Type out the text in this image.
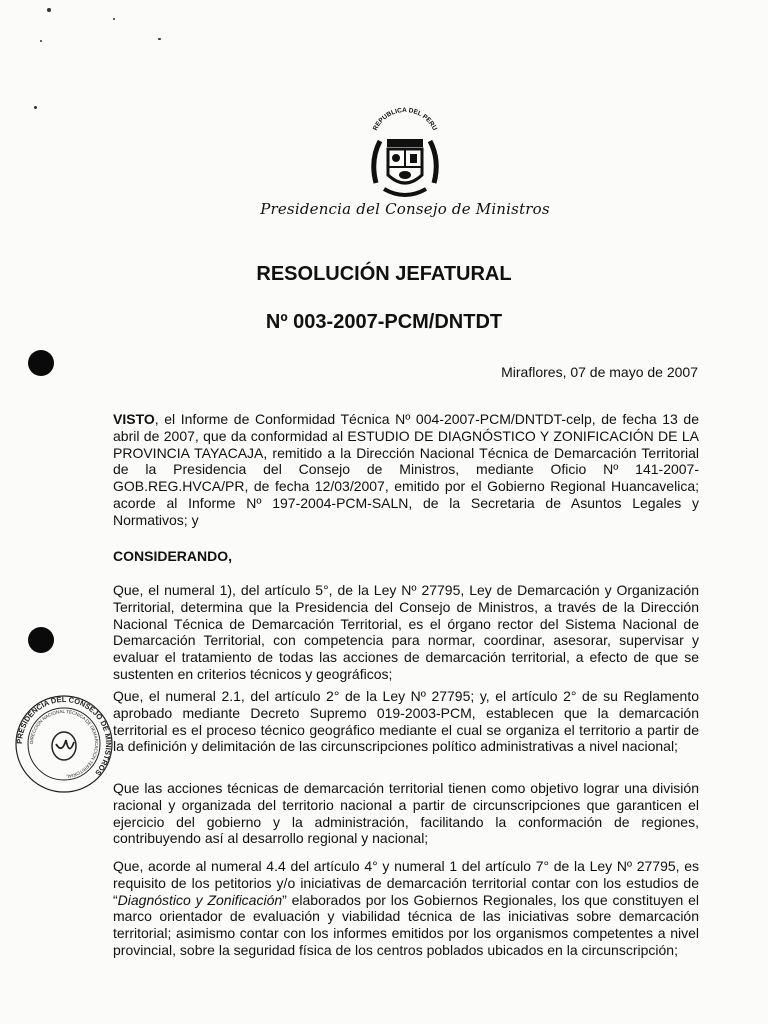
REPUBLICA DEL PERU
Presidencia del Consejo de Ministros
RESOLUCIÓN JEFATURAL
Nº 003-2007-PCM/DNTDT
Miraflores, 07 de mayo de 2007

VISTO, el Informe de Conformidad Técnica Nº 004-2007-PCM/DNTDT-celp, de fecha 13 de abril de 2007, que da conformidad al ESTUDIO DE DIAGNÓSTICO Y ZONIFICACIÓN DE LA PROVINCIA TAYACAJA, remitido a la Dirección Nacional Técnica de Demarcación Territorial de la Presidencia del Consejo de Ministros, mediante Oficio Nº 141-2007-GOB.REG.HVCA/PR, de fecha 12/03/2007, emitido por el Gobierno Regional Huancavelica; acorde al Informe Nº 197-2004-PCM-SALN, de la Secretaria de Asuntos Legales y Normativos; y

CONSIDERANDO,

Que, el numeral 1), del artículo 5°, de la Ley Nº 27795, Ley de Demarcación y Organización Territorial, determina que la Presidencia del Consejo de Ministros, a través de la Dirección Nacional Técnica de Demarcación Territorial, es el órgano rector del Sistema Nacional de Demarcación Territorial, con competencia para normar, coordinar, asesorar, supervisar y evaluar el tratamiento de todas las acciones de demarcación territorial, a efecto de que se sustenten en criterios técnicos y geográficos;

Que, el numeral 2.1, del artículo 2° de la Ley Nº 27795; y, el artículo 2° de su Reglamento aprobado mediante Decreto Supremo 019-2003-PCM, establecen que la demarcación territorial es el proceso técnico geográfico mediante el cual se organiza el territorio a partir de la definición y delimitación de las circunscripciones político administrativas a nivel nacional;

Que las acciones técnicas de demarcación territorial tienen como objetivo lograr una división racional y organizada del territorio nacional a partir de circunscripciones que garanticen el ejercicio del gobierno y la administración, facilitando la conformación de regiones, contribuyendo así al desarrollo regional y nacional;

Que, acorde al numeral 4.4 del artículo 4° y numeral 1 del artículo 7° de la Ley Nº 27795, es requisito de los petitorios y/o iniciativas de demarcación territorial contar con los estudios de “Diagnóstico y Zonificación” elaborados por los Gobiernos Regionales, los que constituyen el marco orientador de evaluación y viabilidad técnica de las iniciativas sobre demarcación territorial; asimismo contar con los informes emitidos por los organismos competentes a nivel provincial, sobre la seguridad física de los centros poblados ubicados en la circunscripción;

PRESIDENCIA DEL CONSEJO DE MINISTROS
DIRECCION NACIONAL TECNICA DE DEMARCACION TERRITORIAL
